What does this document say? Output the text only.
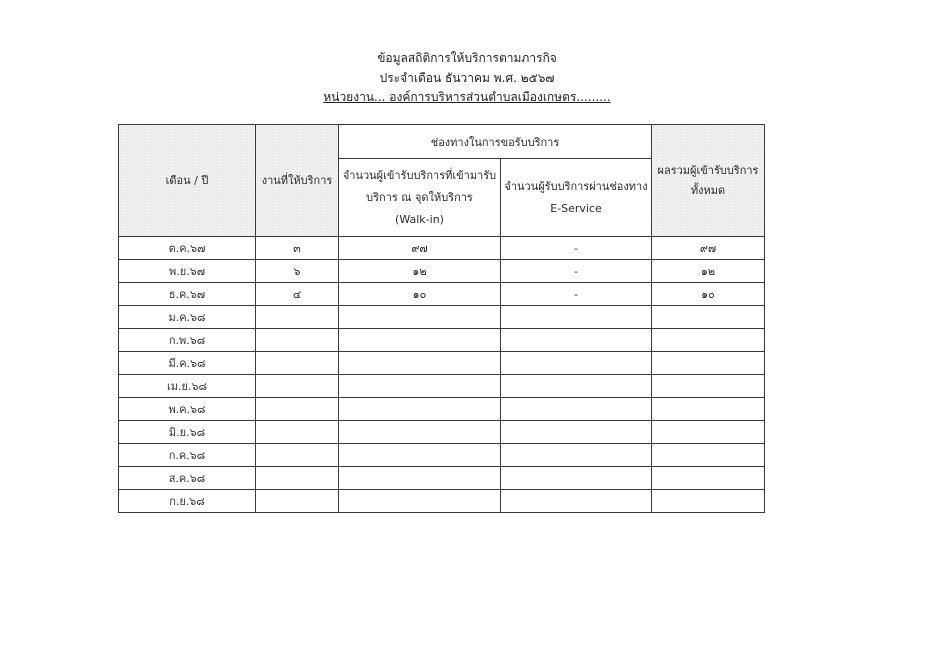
ข้อมูลสถิติการให้บริการตามภารกิจ
ประจำเดือน ธันวาคม พ.ศ. ๒๕๖๗
หน่วยงาน... องค์การบริหารส่วนตำบลเมืองเกษตร.........
เดือน / ปี	งานที่ให้บริการ	ช่องทางในการขอรับบริการ		ผลรวมผู้เข้ารับบริการ
ทั้งหมด
		จำนวนผู้เข้ารับบริการที่เข้ามารับ
บริการ ณ จุดให้บริการ
(Walk-in)	จำนวนผู้รับบริการผ่านช่องทาง
E-Service	
ต.ค.๖๗	๓	๙๗	-	๙๗
พ.ย.๖๗	๖	๑๒	-	๑๒
ธ.ค.๖๗	๔	๑๐	-	๑๐
ม.ค.๖๘				
ก.พ.๖๘				
มี.ค.๖๘				
เม.ย.๖๘				
พ.ค.๖๘				
มิ.ย.๖๘				
ก.ค.๖๘				
ส.ค.๖๘				
ก.ย.๖๘				
